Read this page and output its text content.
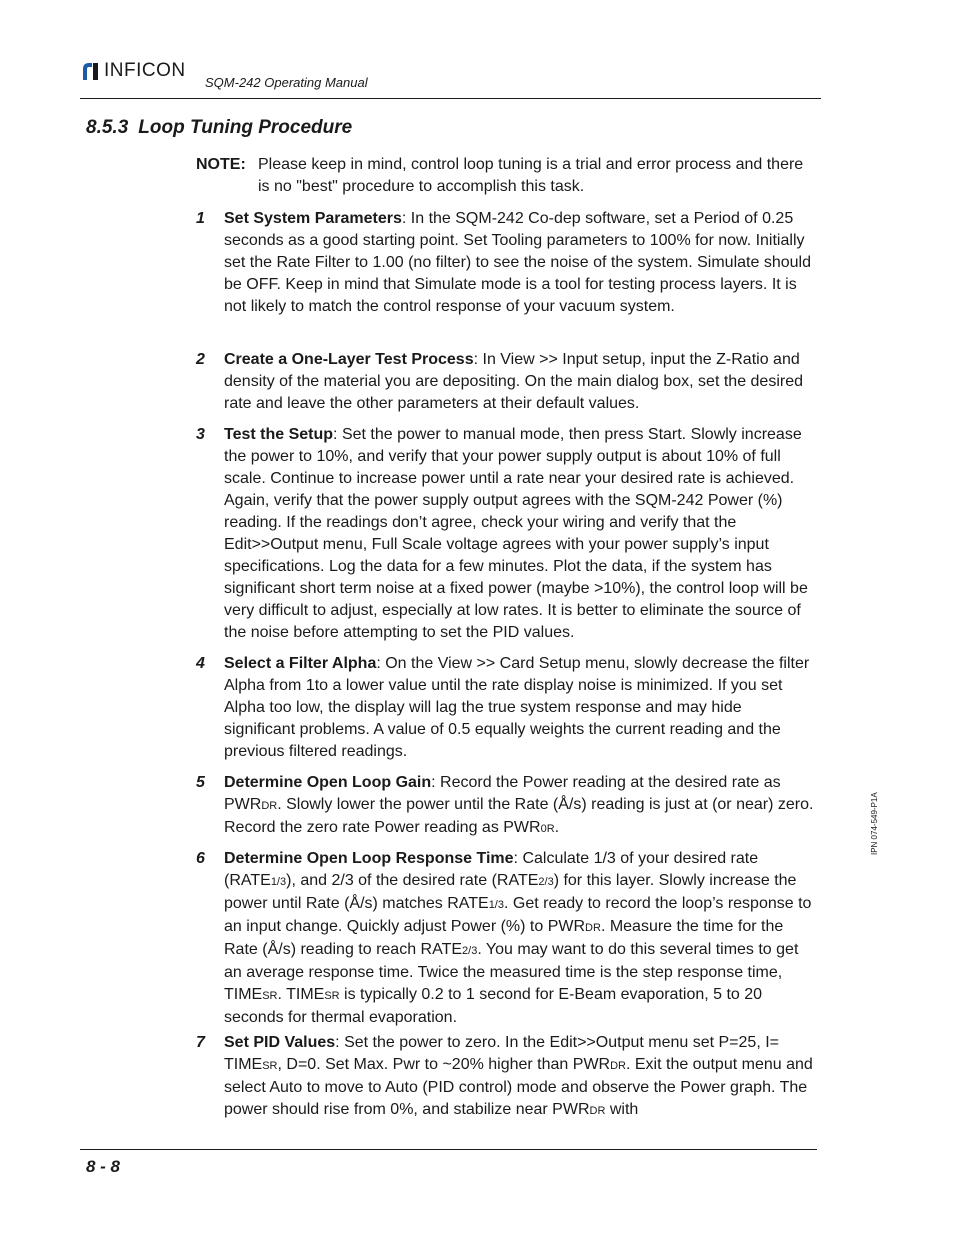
INFICON
SQM-242 Operating Manual
8.5.3 Loop Tuning Procedure
NOTE: Please keep in mind, control loop tuning is a trial and error process and there is no "best" procedure to accomplish this task.
1 Set System Parameters: In the SQM-242 Co-dep software, set a Period of 0.25 seconds as a good starting point. Set Tooling parameters to 100% for now. Initially set the Rate Filter to 1.00 (no filter) to see the noise of the system. Simulate should be OFF. Keep in mind that Simulate mode is a tool for testing process layers. It is not likely to match the control response of your vacuum system.
2 Create a One-Layer Test Process: In View >> Input setup, input the Z-Ratio and density of the material you are depositing. On the main dialog box, set the desired rate and leave the other parameters at their default values.
3 Test the Setup: Set the power to manual mode, then press Start. Slowly increase the power to 10%, and verify that your power supply output is about 10% of full scale. Continue to increase power until a rate near your desired rate is achieved. Again, verify that the power supply output agrees with the SQM-242 Power (%) reading. If the readings don’t agree, check your wiring and verify that the Edit>>Output menu, Full Scale voltage agrees with your power supply’s input specifications. Log the data for a few minutes. Plot the data, if the system has significant short term noise at a fixed power (maybe >10%), the control loop will be very difficult to adjust, especially at low rates. It is better to eliminate the source of the noise before attempting to set the PID values.
4 Select a Filter Alpha: On the View >> Card Setup menu, slowly decrease the filter Alpha from 1to a lower value until the rate display noise is minimized. If you set Alpha too low, the display will lag the true system response and may hide significant problems. A value of 0.5 equally weights the current reading and the previous filtered readings.
5 Determine Open Loop Gain: Record the Power reading at the desired rate as PWRDR. Slowly lower the power until the Rate (Å/s) reading is just at (or near) zero. Record the zero rate Power reading as PWR0R.
6 Determine Open Loop Response Time: Calculate 1/3 of your desired rate (RATE1/3), and 2/3 of the desired rate (RATE2/3) for this layer. Slowly increase the power until Rate (Å/s) matches RATE1/3. Get ready to record the loop’s response to an input change. Quickly adjust Power (%) to PWRDR. Measure the time for the Rate (Å/s) reading to reach RATE2/3. You may want to do this several times to get an average response time. Twice the measured time is the step response time, TIMESR. TIMESR is typically 0.2 to 1 second for E-Beam evaporation, 5 to 20 seconds for thermal evaporation.
7 Set PID Values: Set the power to zero. In the Edit>>Output menu set P=25, I= TIMESR, D=0. Set Max. Pwr to ~20% higher than PWRDR. Exit the output menu and select Auto to move to Auto (PID control) mode and observe the Power graph. The power should rise from 0%, and stabilize near PWRDR with
IPN 074-549-P1A
8 - 8
